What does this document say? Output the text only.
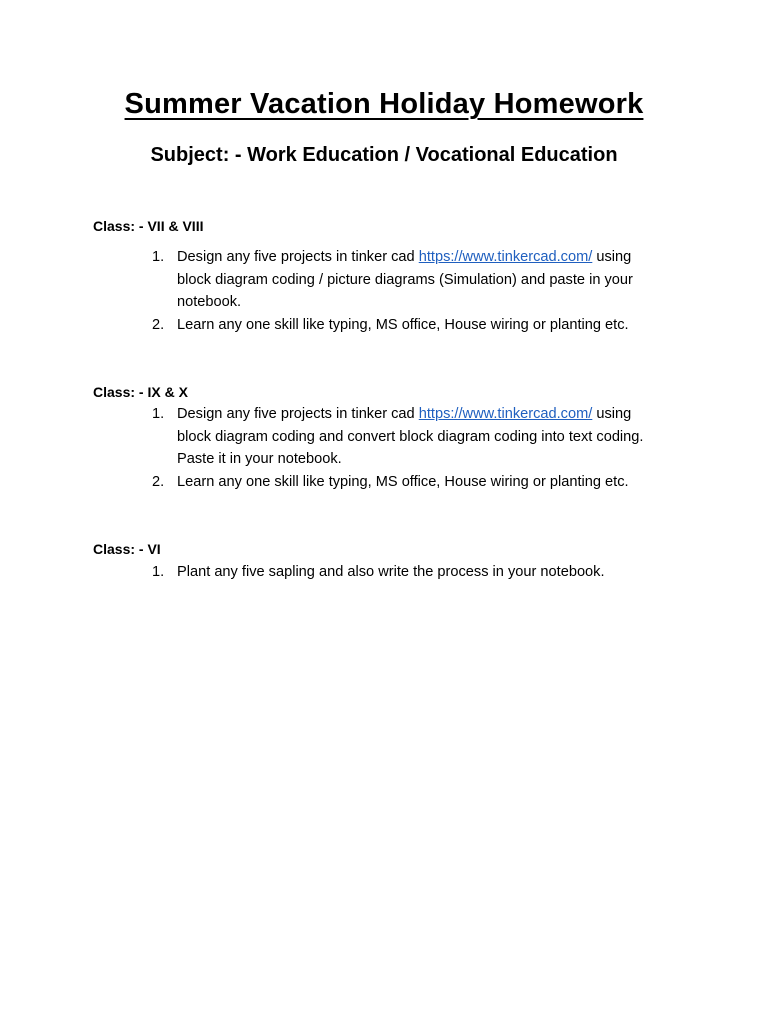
Summer Vacation Holiday Homework
Subject: - Work Education / Vocational Education
Class: - VII & VIII
1. Design any five projects in tinker cad https://www.tinkercad.com/ using block diagram coding / picture diagrams (Simulation) and paste in your notebook.
2. Learn any one skill like typing, MS office, House wiring or planting etc.
Class: - IX & X
1. Design any five projects in tinker cad https://www.tinkercad.com/ using block diagram coding and convert block diagram coding into text coding. Paste it in your notebook.
2. Learn any one skill like typing, MS office, House wiring or planting etc.
Class: - VI
1. Plant any five sapling and also write the process in your notebook.
